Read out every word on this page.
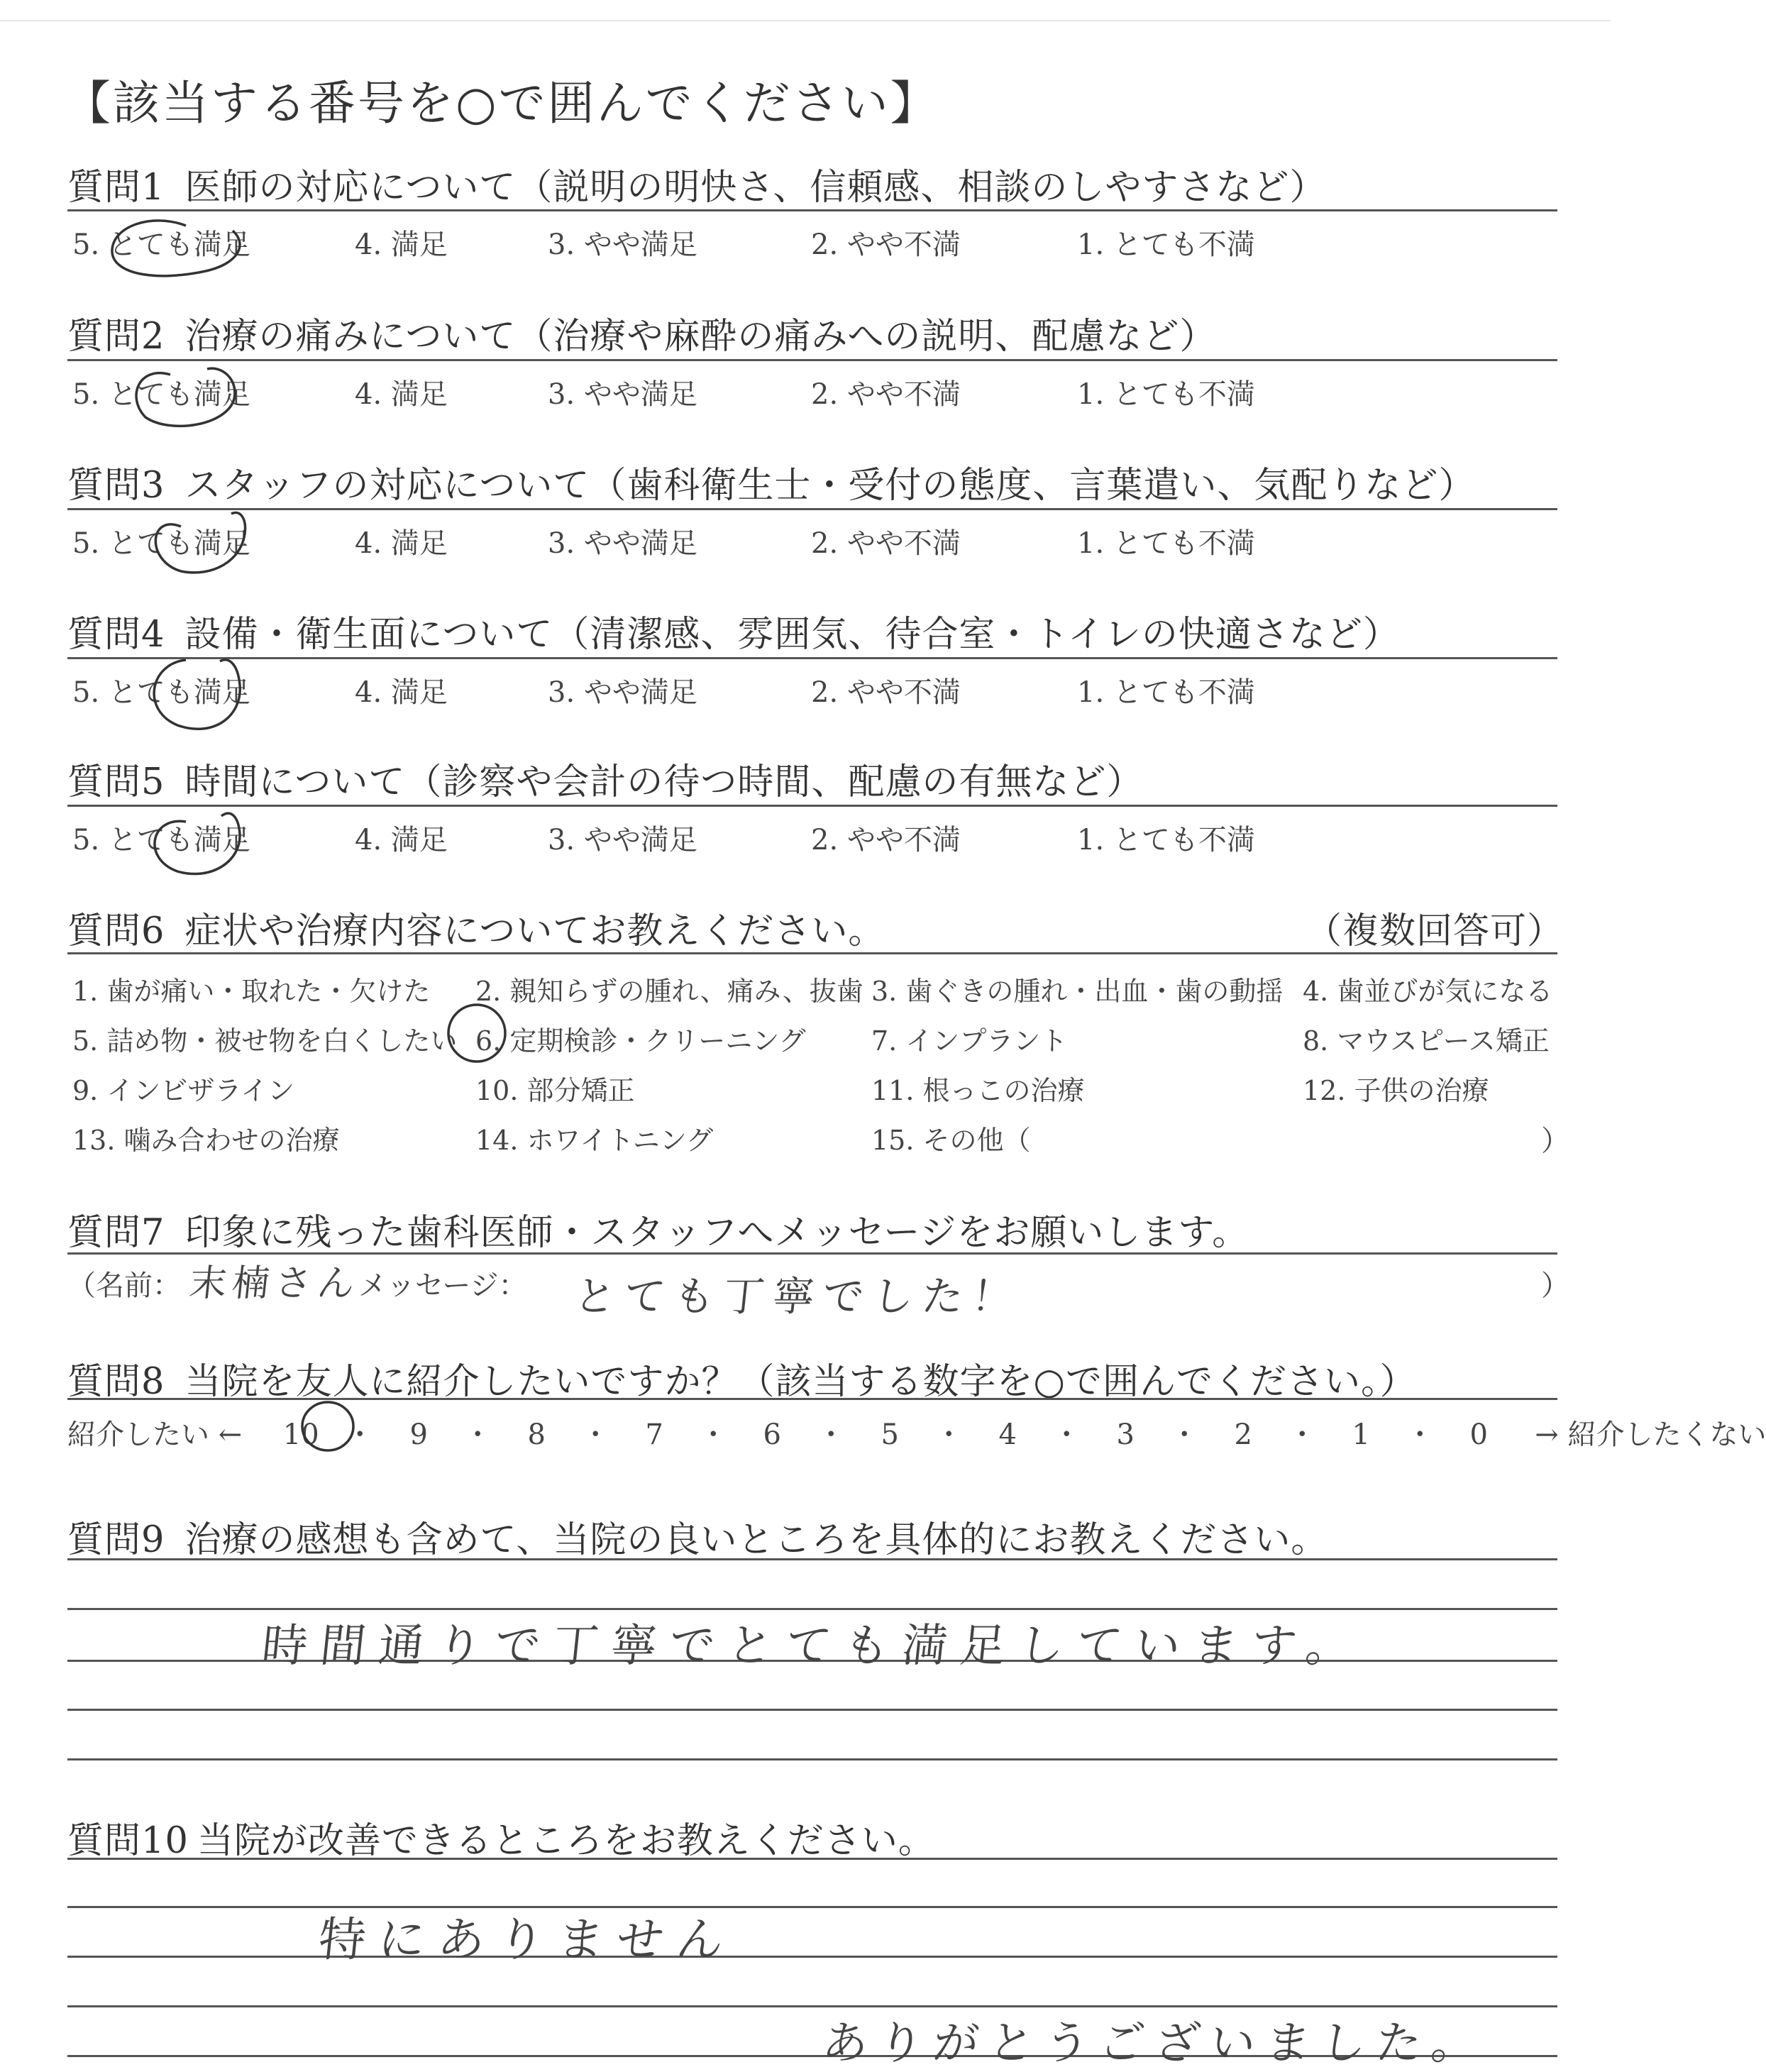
【該当する番号を○で囲んでください】
質問1 医師の対応について（説明の明快さ、信頼感、相談のしやすさなど）
5. とても満足	4. 満足	3. やや満足	2. やや不満	1. とても不満
質問2 治療の痛みについて（治療や麻酔の痛みへの説明、配慮など）
5. とても満足	4. 満足	3. やや満足	2. やや不満	1. とても不満
質問3 スタッフの対応について（歯科衛生士・受付の態度、言葉遣い、気配りなど）
5. とても満足	4. 満足	3. やや満足	2. やや不満	1. とても不満
質問4 設備・衛生面について（清潔感、雰囲気、待合室・トイレの快適さなど）
5. とても満足	4. 満足	3. やや満足	2. やや不満	1. とても不満
質問5 時間について（診察や会計の待つ時間、配慮の有無など）
5. とても満足	4. 満足	3. やや満足	2. やや不満	1. とても不満
質問6 症状や治療内容についてお教えください。	（複数回答可）
1. 歯が痛い・取れた・欠けた 2. 親知らずの腫れ、痛み、抜歯 3. 歯ぐきの腫れ・出血・歯の動揺 4. 歯並びが気になる
5. 詰め物・被せ物を白くしたい 6. 定期検診・クリーニング 7. インプラント	8. マウスピース矯正
9. インビザライン	10. 部分矯正	11. 根っこの治療	12. 子供の治療
13. 噛み合わせの治療	14. ホワイトニング	15. その他（	）
質問7 印象に残った歯科医師・スタッフへメッセージをお願いします。
（名前： 末楠さん
メッセージ： とても丁寧でした！	）
質問8 当院を友人に紹介したいですか？（該当する数字を○で囲んでください。）
紹介したい ← 10 ・ 9 ・ 8 ・ 7 ・ 6 ・ 5 ・ 4 ・ 3 ・ 2 ・ 1 ・ 0 → 紹介したくない
質問9 治療の感想も含めて、当院の良いところを具体的にお教えください。
時間通りで丁寧でとても満足しています。
質問10 当院が改善できるところをお教えください。
特にありません
ありがとうございました。
